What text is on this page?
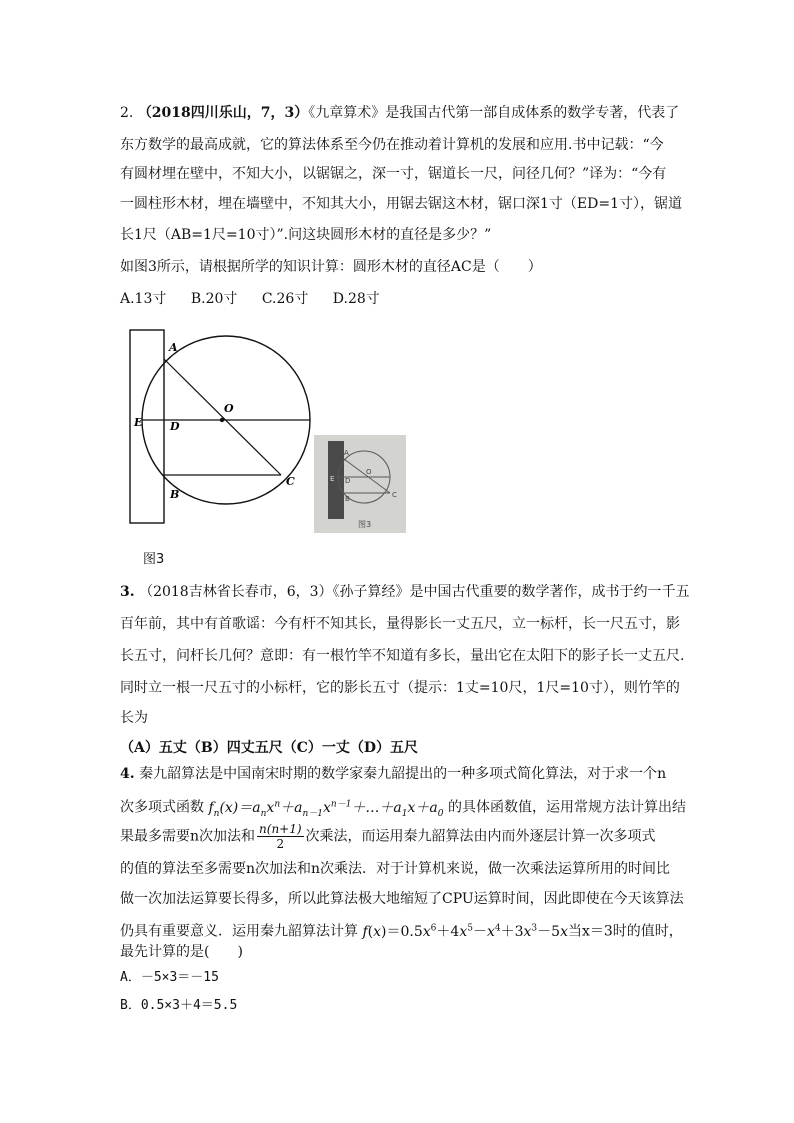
2. （2018四川乐山，7，3）《九章算术》是我国古代第一部自成体系的数学专著，代表了
东方数学的最高成就，它的算法体系至今仍在推动着计算机的发展和应用.书中记载：“今
有圆材埋在壁中，不知大小，以锯锯之，深一寸，锯道长一尺，问径几何？”译为：“今有
一圆柱形木材，埋在墙壁中，不知其大小，用锯去锯这木材，锯口深1寸（ED=1寸），锯道
长1尺（AB=1尺=10寸）”.问这块圆形木材的直径是多少？”
如图3所示，请根据所学的知识计算：圆形木材的直径AC是（　　）
A.13寸 B.20寸 C.26寸 D.28寸
A
B
C
D
E
O
A
O
E D
B	C
图3
图3
3. （2018吉林省长春市，6，3）《孙子算经》是中国古代重要的数学著作，成书于约一千五
百年前，其中有首歌谣：今有杆不知其长，量得影长一丈五尺，立一标杆，长一尺五寸，影
长五寸，问杆长几何？意即：有一根竹竿不知道有多长，量出它在太阳下的影子长一丈五尺.
同时立一根一尺五寸的小标杆，它的影长五寸（提示：1丈=10尺，1尺=10寸），则竹竿的
长为
（A）五丈（B）四丈五尺（C）一丈（D）五尺
4. 秦九韶算法是中国南宋时期的数学家秦九韶提出的一种多项式简化算法，对于求一个n
次多项式函数 $f_n(x)=a_nx^n+a_{n-1}x^{n-1}+\dots+a_1x+a_0$ 的具体函数值，运用常规方法计算出结
果最多需要n次加法和 $\frac{n(n+1)}{2}$ 次乘法，而运用秦九韶算法由内而外逐层计算一次多项式
的值的算法至多需要n次加法和n次乘法．对于计算机来说，做一次乘法运算所用的时间比
做一次加法运算要长得多，所以此算法极大地缩短了CPU运算时间，因此即使在今天该算法
仍具有重要意义．运用秦九韶算法计算 $f(x)=0.5x^6+4x^5-x^4+3x^3-5x$当x＝3时的值时，
最先计算的是(　　)
A．－5×3＝－15
B．0.5×3＋4＝5.5
